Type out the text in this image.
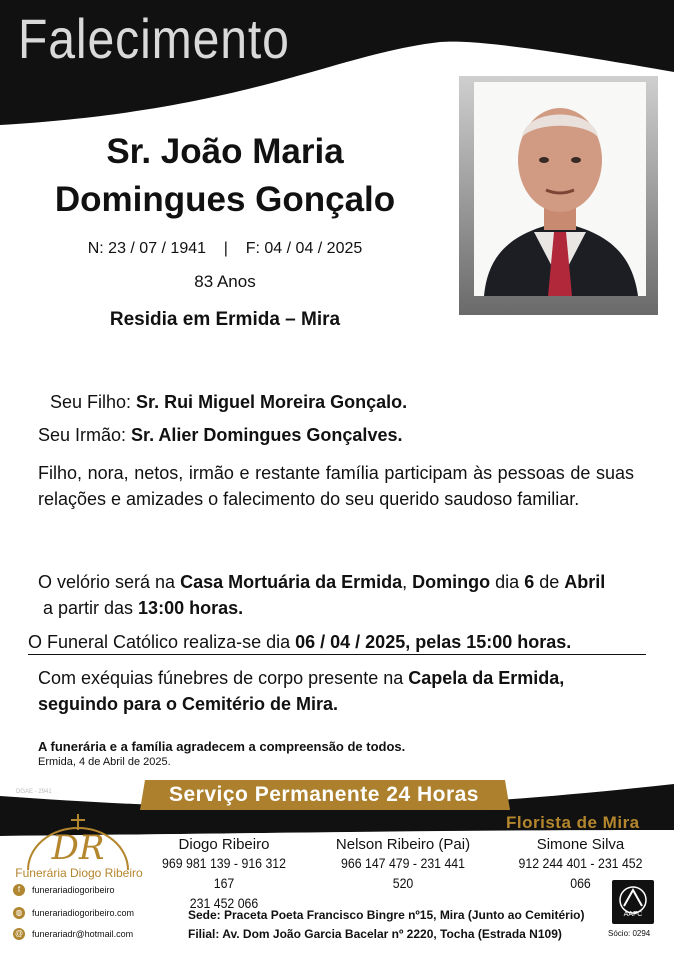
Falecimento
Sr. João Maria
Domingues Gonçalo
N: 23 / 07 / 1941    |    F: 04 / 04 / 2025
83 Anos
Residia em Ermida – Mira
Seu Filho: Sr. Rui Miguel Moreira Gonçalo.
Seu Irmão: Sr. Alier Domingues Gonçalves.
Filho, nora, netos, irmão e restante família participam às pessoas de suas relações e amizades o falecimento do seu querido saudoso familiar.
O velório será na Casa Mortuária da Ermida, Domingo dia 6 de Abril a partir das 13:00 horas.
O Funeral Católico realiza-se dia 06 / 04 / 2025, pelas 15:00 horas.
Com exéquias fúnebres de corpo presente na Capela da Ermida,
seguindo para o Cemitério de Mira.
A funerária e a família agradecem a compreensão de todos.
Ermida, 4 de Abril de 2025.
DGAE - 2941	Serviço Permanente 24 Horas
Florista de Mira
DR
Funerária Diogo Ribeiro
f	funerariadiogoribeiro
◍ funerariadiogoribeiro.com
@ funerariadr@hotmail.com
Diogo Ribeiro
969 981 139 - 916 312 167
231 452 066
Nelson Ribeiro (Pai)
966 147 479 - 231 441 520
Simone Silva
912 244 401 - 231 452 066
Sede: Praceta Poeta Francisco Bingre nº15, Mira (Junto ao Cemitério)
Filial: Av. Dom João Garcia Bacelar nº 2220, Tocha (Estrada N109)
AAFC
Sócio: 0294
